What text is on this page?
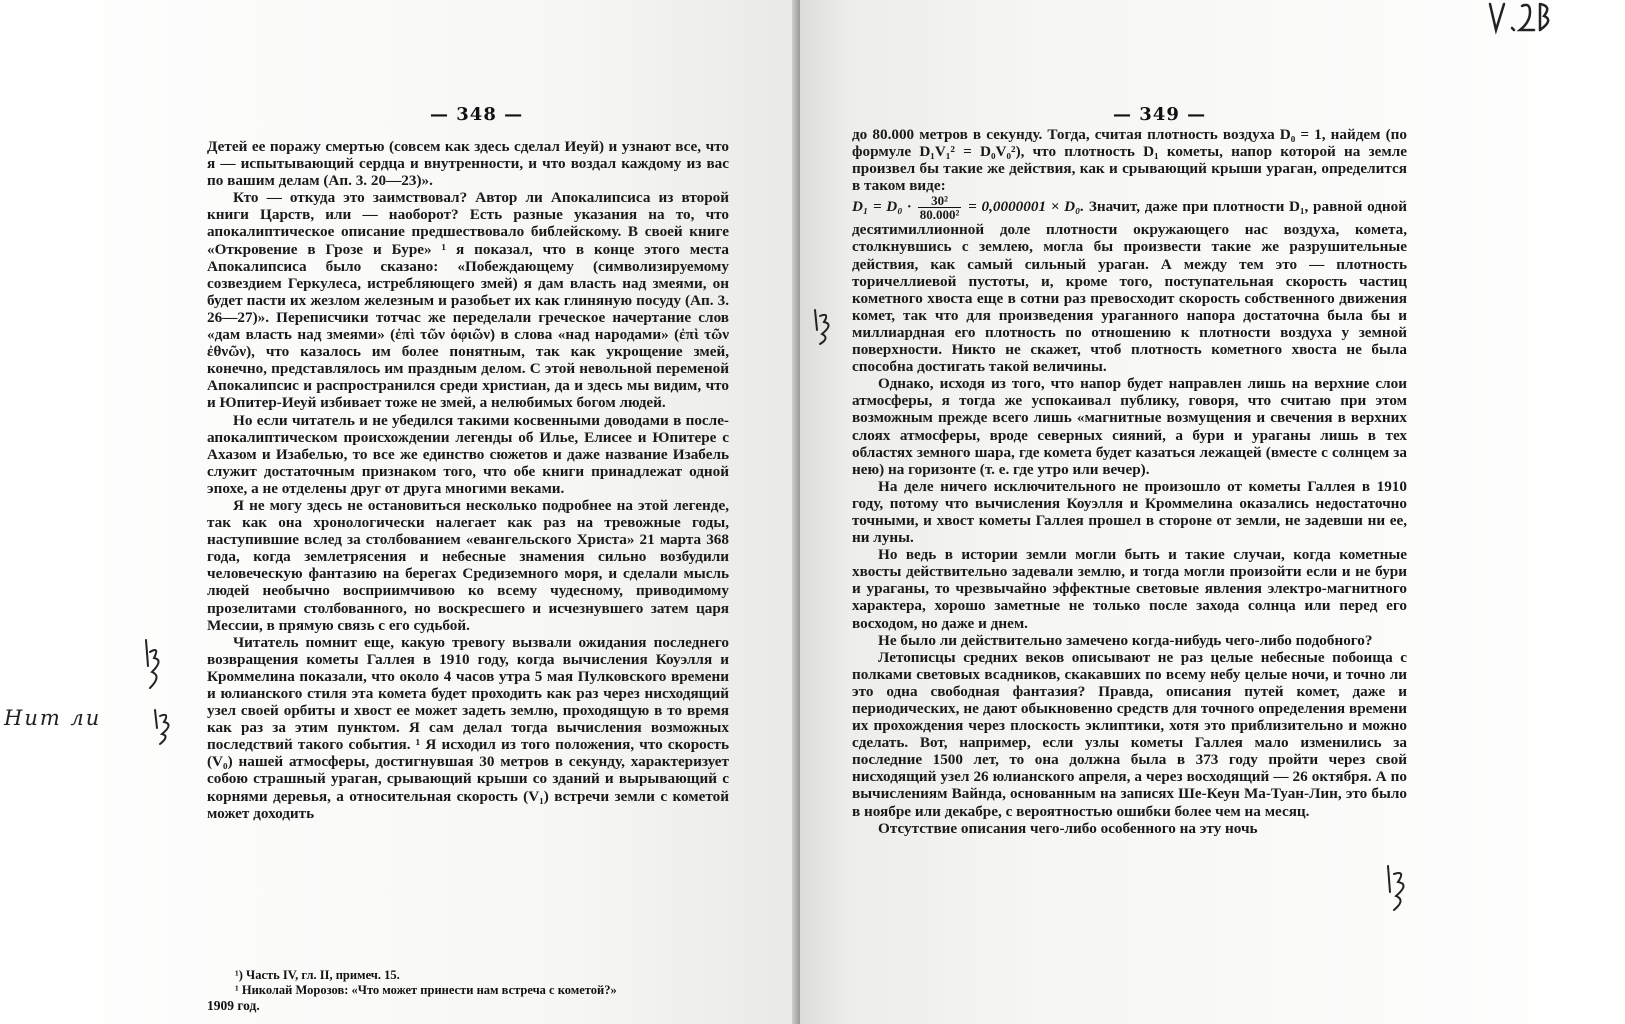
— 348 —

Детей ее поражу смертью (совсем как здесь сделал Иеуй) и узнают все, что я — испытывающий сердца и внутренности, и что воздал каждому из вас по вашим делам (Ап. 3. 20—23)».

Кто — откуда это заимствовал? Автор ли Апокалипсиса из второй книги Царств, или — наоборот? Есть разные указания на то, что апокалиптическое описание предшествовало библейскому. В своей книге «Откровение в Грозе и Буре» ¹ я показал, что в конце этого места Апокалипсиса было сказано: «Побеждающему (символизируемому созвездием Геркулеса, истребляющего змей) я дам власть над змеями, он будет пасти их жезлом железным и разобьет их как глиняную посуду (Ап. 3. 26—27)». Переписчики тотчас же переделали греческое начертание слов «дам власть над змеями» (ἐπὶ τῶν ὀφιῶν) в слова «над народами» (ἐπὶ τῶν ἐθνῶν), что казалось им более понятным, так как укрощение змей, конечно, представлялось им праздным делом. С этой невольной переменой Апокалипсис и распространился среди христиан, да и здесь мы видим, что и Юпитер-Иеуй избивает тоже не змей, а нелюбимых богом людей.

Но если читатель и не убедился такими косвенными доводами в после-апокалиптическом происхождении легенды об Илье, Елисее и Юпитере с Ахазом и Изабелью, то все же единство сюжетов и даже название Изабель служит достаточным признаком того, что обе книги принадлежат одной эпохе, а не отделены друг от друга многими веками.

Я не могу здесь не остановиться несколько подробнее на этой легенде, так как она хронологически налегает как раз на тревожные годы, наступившие вслед за столбованием «евангельского Христа» 21 марта 368 года, когда землетрясения и небесные знамения сильно возбудили человеческую фантазию на берегах Средиземного моря, и сделали мысль людей необычно восприимчивою ко всему чудесному, приводимому прозелитами столбованного, но воскресшего и исчезнувшего затем царя Мессии, в прямую связь с его судьбой.

Читатель помнит еще, какую тревогу вызвали ожидания последнего возвращения кометы Галлея в 1910 году, когда вычисления Коуэлля и Кроммелина показали, что около 4 часов утра 5 мая Пулковского времени и юлианского стиля эта комета будет проходить как раз через нисходящий узел своей орбиты и хвост ее может задеть землю, проходящую в то время как раз за этим пунктом. Я сам делал тогда вычисления возможных последствий такого события. ¹ Я исходил из того положения, что скорость (V₀) нашей атмосферы, достигнувшая 30 метров в секунду, характеризует собою страшный ураган, срывающий крыши со зданий и вырывающий с корнями деревья, а относительная скорость (V₁) встречи земли с кометой может доходить

¹) Часть IV, гл. II, примеч. 15.
¹ Николай Морозов: «Что может принести нам встреча с кометой?»
1909 год.
Нит ли
— 349 —

до 80.000 метров в секунду. Тогда, считая плотность воздуха D₀ = 1, найдем (по формуле D₁V₁² = D₀V₀²), что плотность D₁ кометы, напор которой на земле произвел бы такие же действия, как и срывающий крыши ураган, определится в таком виде:

$D_1 = D_0 \cdot \frac{\text{30²}}{\text{80.000²}} = 0,0000001 \times D_0$. Значит, даже при плотности D₁, равной одной десятимиллионной доле плотности окружающего нас воздуха, комета, столкнувшись с землею, могла бы произвести такие же разрушительные действия, как самый сильный ураган. А между тем это — плотность торичеллиевой пустоты, и, кроме того, поступательная скорость частиц кометного хвоста еще в сотни раз превосходит скорость собственного движения комет, так что для произведения ураганного напора достаточна была бы и миллиардная его плотность по отношению к плотности воздуха у земной поверхности. Никто не скажет, чтоб плотность кометного хвоста не была способна достигать такой величины.

Однако, исходя из того, что напор будет направлен лишь на верхние слои атмосферы, я тогда же успокаивал публику, говоря, что считаю при этом возможным прежде всего лишь «магнитные возмущения и свечения в верхних слоях атмосферы, вроде северных сияний, а бури и ураганы лишь в тех областях земного шара, где комета будет казаться лежащей (вместе с солнцем за нею) на горизонте (т. е. где утро или вечер).

На деле ничего исключительного не произошло от кометы Галлея в 1910 году, потому что вычисления Коуэлля и Кроммелина оказались недостаточно точными, и хвост кометы Галлея прошел в стороне от земли, не задевши ни ее, ни луны.

Но ведь в истории земли могли быть и такие случаи, когда кометные хвосты действительно задевали землю, и тогда могли произойти если и не бури и ураганы, то чрезвычайно эффектные световые явления электро-магнитного характера, хорошо заметные не только после захода солнца или перед его восходом, но даже и днем.

Не было ли действительно замечено когда-нибудь чего-либо подобного?

Летописцы средних веков описывают не раз целые небесные побоища с полками световых всадников, скакавших по всему небу целые ночи, и точно ли это одна свободная фантазия? Правда, описания путей комет, даже и периодических, не дают обыкновенно средств для точного определения времени их прохождения через плоскость эклиптики, хотя это приблизительно и можно сделать. Вот, например, если узлы кометы Галлея мало изменились за последние 1500 лет, то она должна была в 373 году пройти через свой нисходящий узел 26 юлианского апреля, а через восходящий — 26 октября. А по вычислениям Вайнда, основанным на записях Ше-Кеун Ма-Туан-Лин, это было в ноябре или декабре, с вероятностью ошибки более чем на месяц.

Отсутствие описания чего-либо особенного на эту ночь
